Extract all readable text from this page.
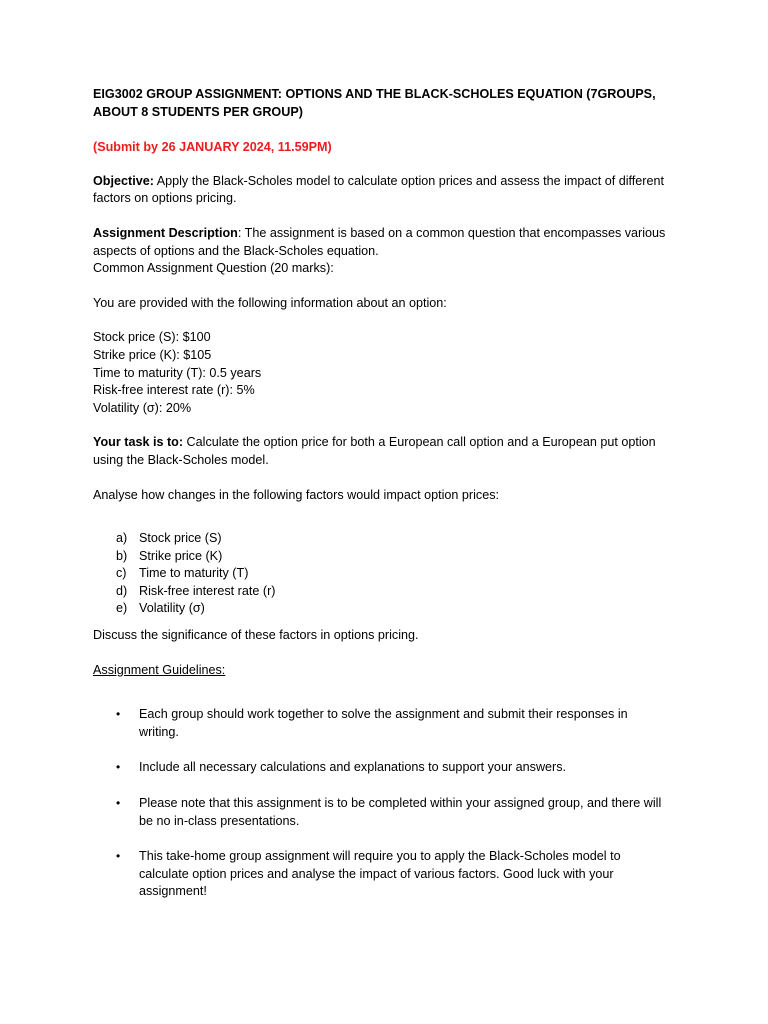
EIG3002 GROUP ASSIGNMENT: OPTIONS AND THE BLACK-SCHOLES EQUATION (7GROUPS, ABOUT 8 STUDENTS PER GROUP)

(Submit by 26 JANUARY 2024, 11.59PM)

Objective: Apply the Black-Scholes model to calculate option prices and assess the impact of different factors on options pricing.

Assignment Description: The assignment is based on a common question that encompasses various aspects of options and the Black-Scholes equation.

Common Assignment Question (20 marks):

You are provided with the following information about an option:

Stock price (S): $100

Strike price (K): $105

Time to maturity (T): 0.5 years

Risk-free interest rate (r): 5%

Volatility (σ): 20%

Your task is to: Calculate the option price for both a European call option and a European put option using the Black-Scholes model.

Analyse how changes in the following factors would impact option prices:

a) Stock price (S)
b) Strike price (K)
c) Time to maturity (T)
d) Risk-free interest rate (r)
e) Volatility (σ)

Discuss the significance of these factors in options pricing.

Assignment Guidelines:

•	Each group should work together to solve the assignment and submit their responses in writing.
•	Include all necessary calculations and explanations to support your answers.
•	Please note that this assignment is to be completed within your assigned group, and there will be no in-class presentations.
•	This take-home group assignment will require you to apply the Black-Scholes model to calculate option prices and analyse the impact of various factors. Good luck with your assignment!
